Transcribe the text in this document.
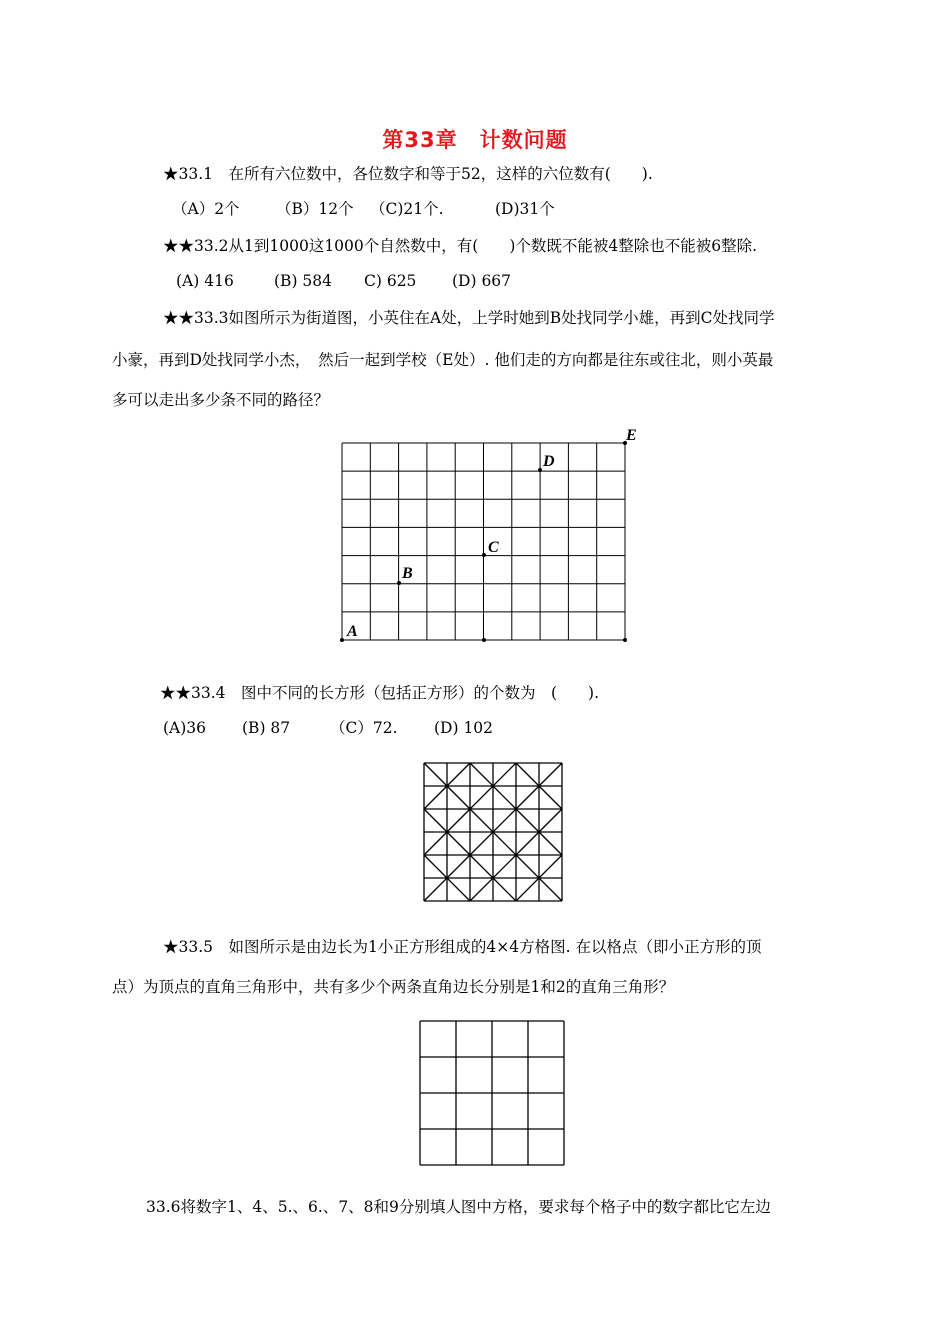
第33章　计数问题
★33.1　在所有六位数中，各位数字和等于52，这样的六位数有(　　).
（A）2个 （B）12个 （C)21个.	(D)31个
★★33.2从1到1000这1000个自然数中，有(　　)个数既不能被4整除也不能被6整除.
(A) 416	(B) 584 C) 625 (D) 667
★★33.3如图所示为街道图，小英住在A处，上学时她到B处找同学小雄，再到C处找同学
小豪，再到D处找同学小杰，　然后一起到学校（E处）. 他们走的方向都是往东或往北，则小英最
多可以走出多少条不同的路径？
A
B
C
D
E
★★33.4　图中不同的长方形（包括正方形）的个数为　(　　).
(A)36 (B) 87	（C）72. (D) 102
★33.5　如图所示是由边长为1小正方形组成的4×4方格图. 在以格点（即小正方形的顶
点）为顶点的直角三角形中，共有多少个两条直角边长分别是1和2的直角三角形？
33.6将数字1、4、5.、6.、7、8和9分别填人图中方格，要求每个格子中的数字都比它左边
